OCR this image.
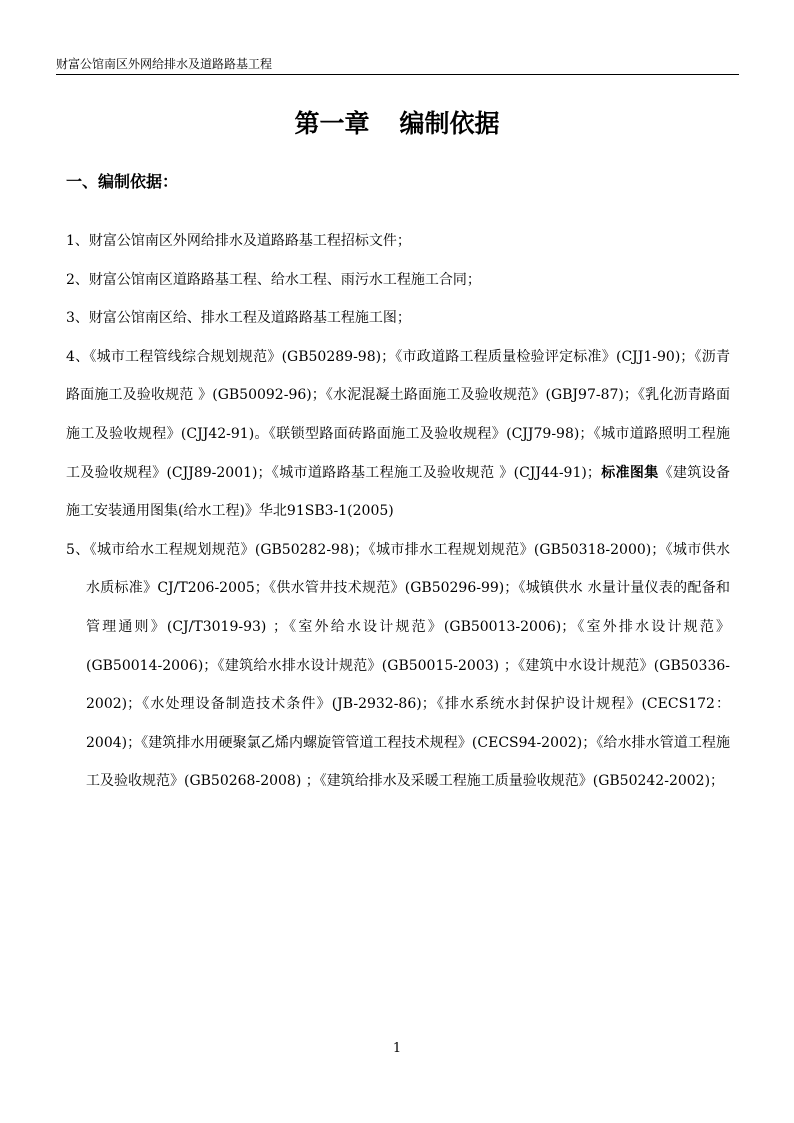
财富公馆南区外网给排水及道路路基工程
第一章 编制依据
一、编制依据：

1、财富公馆南区外网给排水及道路路基工程招标文件；

2、财富公馆南区道路路基工程、给水工程、雨污水工程施工合同；

3、财富公馆南区给、排水工程及道路路基工程施工图；

4、《城市工程管线综合规划规范》(GB50289-98)；《市政道路工程质量检验评定标准》(CJJ1-90)；《沥青路面施工及验收规范 》(GB50092-96)；《水泥混凝土路面施工及验收规范》(GBJ97-87)；《乳化沥青路面施工及验收规程》(CJJ42-91)。《联锁型路面砖路面施工及验收规程》(CJJ79-98)；《城市道路照明工程施工及验收规程》(CJJ89-2001)；《城市道路路基工程施工及验收规范 》(CJJ44-91)；标准图集《建筑设备施工安装通用图集(给水工程)》华北91SB3-1(2005)

5、《城市给水工程规划规范》(GB50282-98)；《城市排水工程规划规范》(GB50318-2000)；《城市供水水质标准》CJ/T206-2005；《供水管井技术规范》(GB50296-99)；《城镇供水 水量计量仪表的配备和管理通则》(CJ/T3019-93) ；《室外给水设计规范》(GB50013-2006)；《室外排水设计规范》(GB50014-2006)；《建筑给水排水设计规范》(GB50015-2003) ；《建筑中水设计规范》(GB50336-2002)；《水处理设备制造技术条件》(JB-2932-86)；《排水系统水封保护设计规程》(CECS172： 2004)；《建筑排水用硬聚氯乙烯内螺旋管管道工程技术规程》(CECS94-2002)；《给水排水管道工程施工及验收规范》(GB50268-2008) ；《建筑给排水及采暖工程施工质量验收规范》(GB50242-2002)；

1
